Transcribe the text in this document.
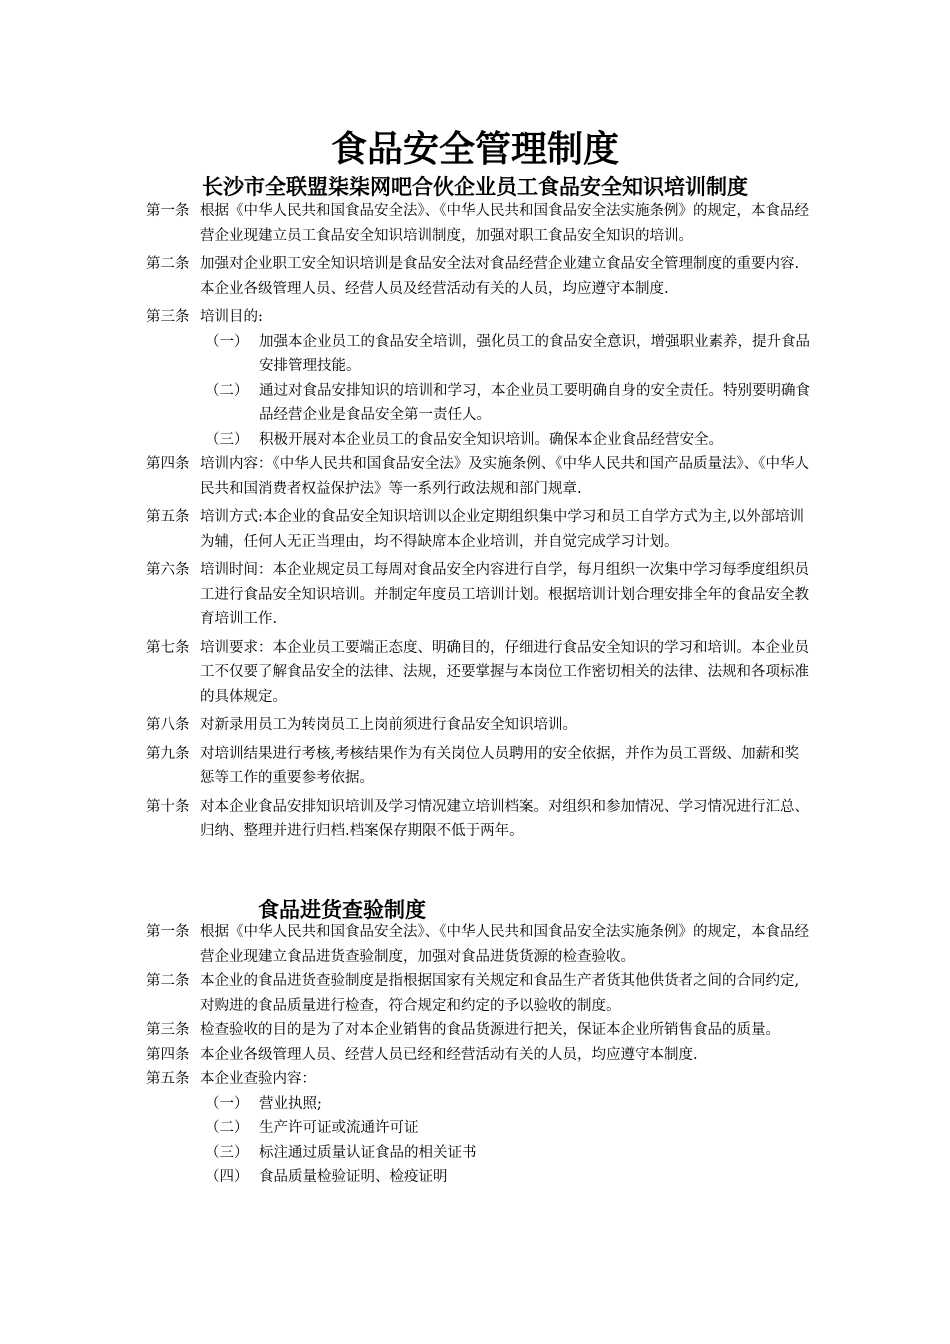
食品安全管理制度
长沙市全联盟柒柒网吧合伙企业员工食品安全知识培训制度
第一条 根据《中华人民共和国食品安全法》、《中华人民共和国食品安全法实施条例》的规定，本食品经营企业现建立员工食品安全知识培训制度，加强对职工食品安全知识的培训。
第二条 加强对企业职工安全知识培训是食品安全法对食品经营企业建立食品安全管理制度的重要内容.本企业各级管理人员、经营人员及经营活动有关的人员，均应遵守本制度.
第三条 培训目的:
（一） 加强本企业员工的食品安全培训，强化员工的食品安全意识，增强职业素养，提升食品安排管理技能。
（二） 通过对食品安排知识的培训和学习，本企业员工要明确自身的安全责任。特别要明确食品经营企业是食品安全第一责任人。
（三） 积极开展对本企业员工的食品安全知识培训。确保本企业食品经营安全。
第四条 培训内容：《中华人民共和国食品安全法》及实施条例、《中华人民共和国产品质量法》、《中华人民共和国消费者权益保护法》等一系列行政法规和部门规章.
第五条 培训方式:本企业的食品安全知识培训以企业定期组织集中学习和员工自学方式为主,以外部培训为辅，任何人无正当理由，均不得缺席本企业培训，并自觉完成学习计划。
第六条 培训时间：本企业规定员工每周对食品安全内容进行自学，每月组织一次集中学习每季度组织员工进行食品安全知识培训。并制定年度员工培训计划。根据培训计划合理安排全年的食品安全教育培训工作.
第七条 培训要求：本企业员工要端正态度、明确目的，仔细进行食品安全知识的学习和培训。本企业员工不仅要了解食品安全的法律、法规，还要掌握与本岗位工作密切相关的法律、法规和各项标准的具体规定。
第八条 对新录用员工为转岗员工上岗前须进行食品安全知识培训。
第九条 对培训结果进行考核,考核结果作为有关岗位人员聘用的安全依据，并作为员工晋级、加薪和奖惩等工作的重要参考依据。
第十条 对本企业食品安排知识培训及学习情况建立培训档案。对组织和参加情况、学习情况进行汇总、归纳、整理并进行归档.档案保存期限不低于两年。
食品进货查验制度
第一条 根据《中华人民共和国食品安全法》、《中华人民共和国食品安全法实施条例》的规定，本食品经营企业现建立食品进货查验制度，加强对食品进货货源的检查验收。
第二条 本企业的食品进货查验制度是指根据国家有关规定和食品生产者货其他供货者之间的合同约定,对购进的食品质量进行检查，符合规定和约定的予以验收的制度。
第三条 检查验收的目的是为了对本企业销售的食品货源进行把关，保证本企业所销售食品的质量。
第四条 本企业各级管理人员、经营人员已经和经营活动有关的人员，均应遵守本制度.
第五条 本企业查验内容：
（一） 营业执照;
（二） 生产许可证或流通许可证
（三） 标注通过质量认证食品的相关证书
（四） 食品质量检验证明、检疫证明
